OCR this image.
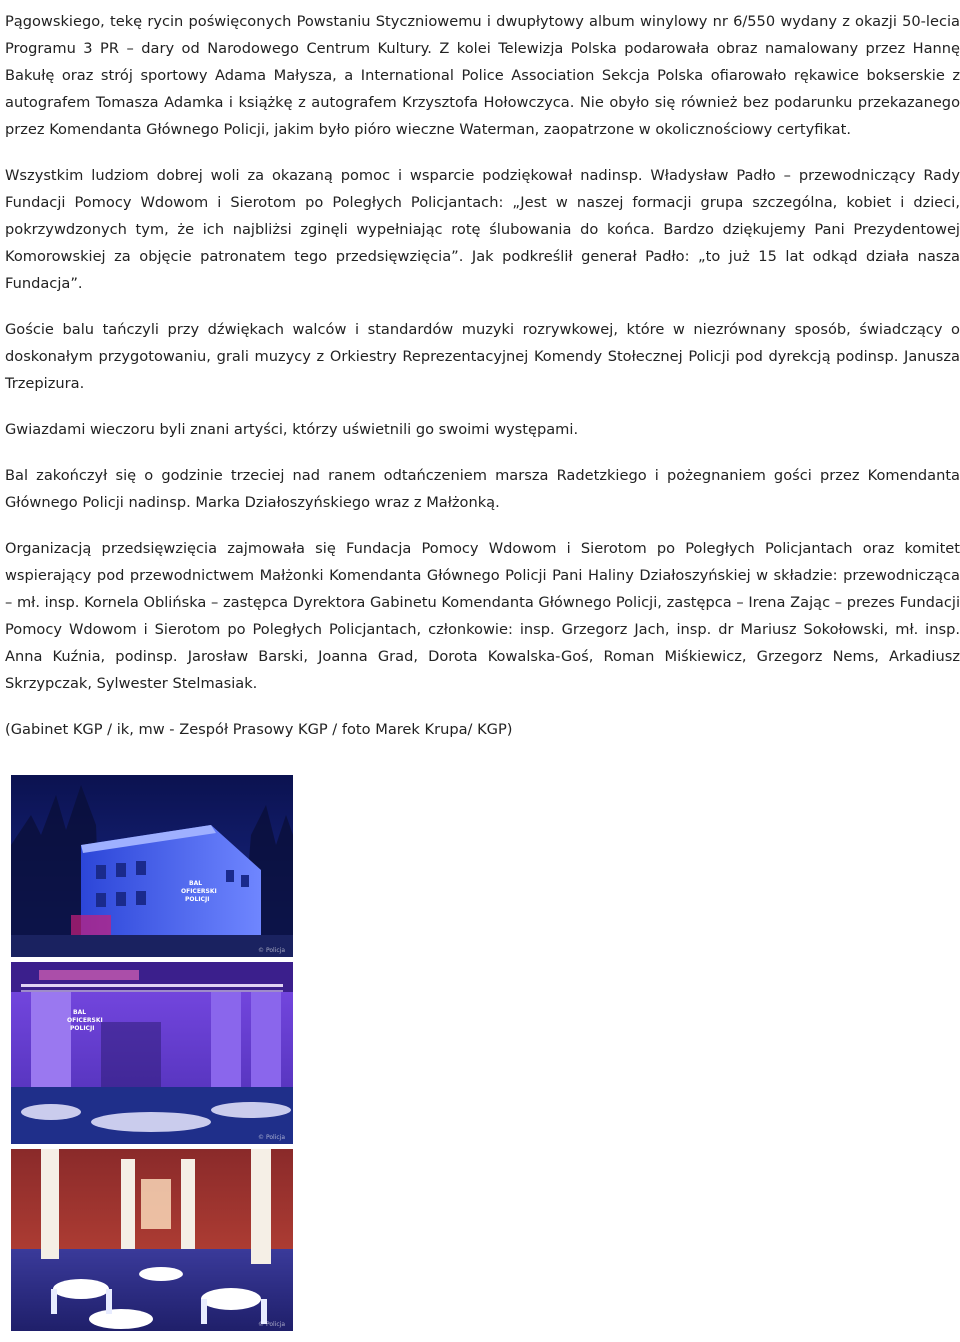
Pągowskiego, tekę rycin poświęconych Powstaniu Styczniowemu i dwupłytowy album winylowy nr 6/550 wydany z okazji 50-lecia Programu 3 PR – dary od Narodowego Centrum Kultury. Z kolei Telewizja Polska podarowała obraz namalowany przez Hannę Bakułę oraz strój sportowy Adama Małysza, a International Police Association Sekcja Polska ofiarowało rękawice bokserskie z autografem Tomasza Adamka i książkę z autografem Krzysztofa Hołowczyca. Nie obyło się również bez podarunku przekazanego przez Komendanta Głównego Policji, jakim było pióro wieczne Waterman, zaopatrzone w okolicznościowy certyfikat.

Wszystkim ludziom dobrej woli za okazaną pomoc i wsparcie podziękował nadinsp. Władysław Padło – przewodniczący Rady Fundacji Pomocy Wdowom i Sierotom po Poległych Policjantach: „Jest w naszej formacji grupa szczególna, kobiet i dzieci, pokrzywdzonych tym, że ich najbliżsi zginęli wypełniając rotę ślubowania do końca. Bardzo dziękujemy Pani Prezydentowej Komorowskiej za objęcie patronatem tego przedsięwzięcia”. Jak podkreślił generał Padło: „to już 15 lat odkąd działa nasza Fundacja”.

Goście balu tańczyli przy dźwiękach walców i standardów muzyki rozrywkowej, które w niezrównany sposób, świadczący o doskonałym przygotowaniu, grali muzycy z Orkiestry Reprezentacyjnej Komendy Stołecznej Policji pod dyrekcją podinsp. Janusza Trzepizura.

Gwiazdami wieczoru byli znani artyści, którzy uświetnili go swoimi występami.

Bal zakończył się o godzinie trzeciej nad ranem odtańczeniem marsza Radetzkiego i pożegnaniem gości przez Komendanta Głównego Policji nadinsp. Marka Działoszyńskiego wraz z Małżonką.

Organizacją przedsięwzięcia zajmowała się Fundacja Pomocy Wdowom i Sierotom po Poległych Policjantach oraz komitet wspierający pod przewodnictwem Małżonki Komendanta Głównego Policji Pani Haliny Działoszyńskiej w składzie: przewodnicząca – mł. insp. Kornela Oblińska – zastępca Dyrektora Gabinetu Komendanta Głównego Policji, zastępca – Irena Zając – prezes Fundacji Pomocy Wdowom i Sierotom po Poległych Policjantach, członkowie: insp. Grzegorz Jach, insp. dr Mariusz Sokołowski, mł. insp. Anna Kuźnia, podinsp. Jarosław Barski, Joanna Grad, Dorota Kowalska-Goś, Roman Miśkiewicz, Grzegorz Nems, Arkadiusz Skrzypczak, Sylwester Stelmasiak.

(Gabinet KGP / ik, mw - Zespół Prasowy KGP / foto Marek Krupa/ KGP)

BAL
OFICERSKI
POLICJI
© Policja
BAL
OFICERSKI
POLICJI
© Policja
© Policja
